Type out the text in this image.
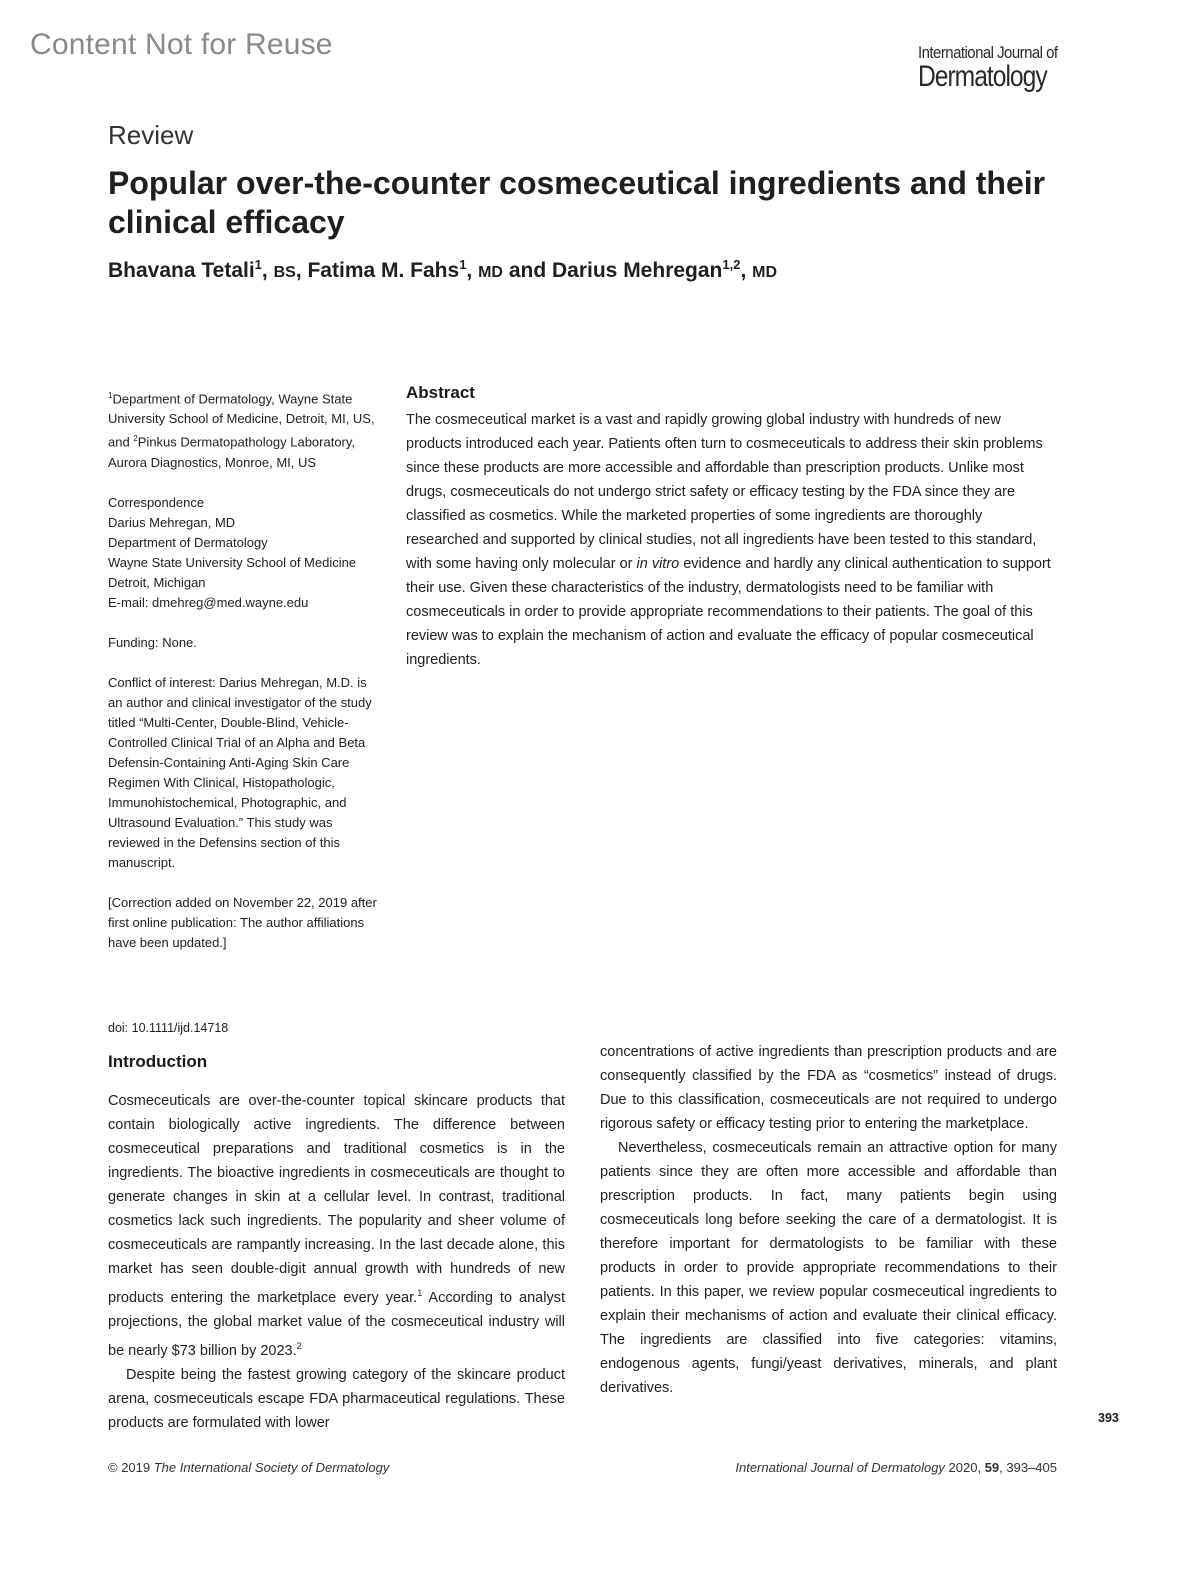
Content Not for Reuse	International Journal of
Dermatology
Review
Popular over-the-counter cosmeceutical ingredients and their clinical efficacy
Bhavana Tetali$^1$, BS, Fatima M. Fahs$^1$, MD and Darius Mehregan$^{1,2}$, MD

$^1$Department of Dermatology, Wayne State University School of Medicine, Detroit, MI, US, and $^2$Pinkus Dermatopathology Laboratory, Aurora Diagnostics, Monroe, MI, US

Correspondence
Darius Mehregan, MD
Department of Dermatology
Wayne State University School of Medicine
Detroit, Michigan
E-mail: dmehreg@med.wayne.edu

Funding: None.

Conflict of interest: Darius Mehregan, M.D. is an author and clinical investigator of the study titled “Multi-Center, Double-Blind, Vehicle-Controlled Clinical Trial of an Alpha and Beta Defensin-Containing Anti-Aging Skin Care Regimen With Clinical, Histopathologic, Immunohistochemical, Photographic, and Ultrasound Evaluation.” This study was reviewed in the Defensins section of this manuscript.

[Correction added on November 22, 2019 after first online publication: The author affiliations have been updated.]

Abstract

The cosmeceutical market is a vast and rapidly growing global industry with hundreds of new products introduced each year. Patients often turn to cosmeceuticals to address their skin problems since these products are more accessible and affordable than prescription products. Unlike most drugs, cosmeceuticals do not undergo strict safety or efficacy testing by the FDA since they are classified as cosmetics. While the marketed properties of some ingredients are thoroughly researched and supported by clinical studies, not all ingredients have been tested to this standard, with some having only molecular or in vitro evidence and hardly any clinical authentication to support their use. Given these characteristics of the industry, dermatologists need to be familiar with cosmeceuticals in order to provide appropriate recommendations to their patients. The goal of this review was to explain the mechanism of action and evaluate the efficacy of popular cosmeceutical ingredients.

doi: 10.1111/ijd.14718
Introduction

Cosmeceuticals are over-the-counter topical skincare products that contain biologically active ingredients. The difference between cosmeceutical preparations and traditional cosmetics is in the ingredients. The bioactive ingredients in cosmeceuticals are thought to generate changes in skin at a cellular level. In contrast, traditional cosmetics lack such ingredients. The popularity and sheer volume of cosmeceuticals are rampantly increasing. In the last decade alone, this market has seen double-digit annual growth with hundreds of new products entering the marketplace every year.$^1$ According to analyst projections, the global market value of the cosmeceutical industry will be nearly $73 billion by 2023.$^2$

Despite being the fastest growing category of the skincare product arena, cosmeceuticals escape FDA pharmaceutical regulations. These products are formulated with lower

concentrations of active ingredients than prescription products and are consequently classified by the FDA as “cosmetics” instead of drugs. Due to this classification, cosmeceuticals are not required to undergo rigorous safety or efficacy testing prior to entering the marketplace.

Nevertheless, cosmeceuticals remain an attractive option for many patients since they are often more accessible and affordable than prescription products. In fact, many patients begin using cosmeceuticals long before seeking the care of a dermatologist. It is therefore important for dermatologists to be familiar with these products in order to provide appropriate recommendations to their patients. In this paper, we review popular cosmeceutical ingredients to explain their mechanisms of action and evaluate their clinical efficacy. The ingredients are classified into five categories: vitamins, endogenous agents, fungi/yeast derivatives, minerals, and plant derivatives.

393
© 2019 The International Society of Dermatology	International Journal of Dermatology 2020, 59, 393–405
